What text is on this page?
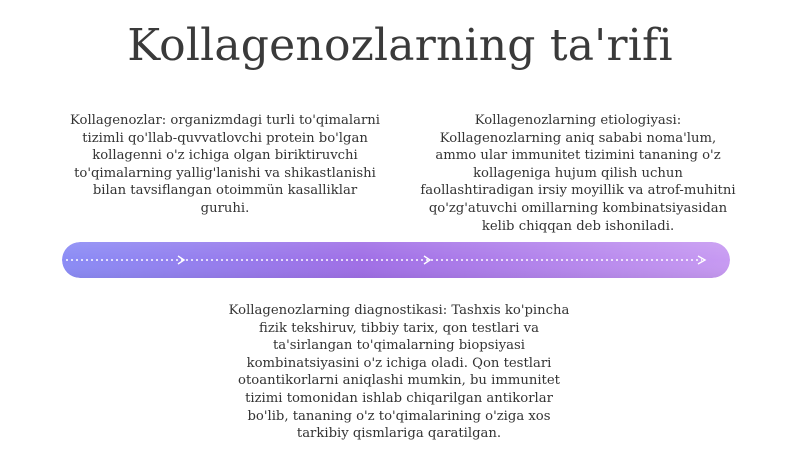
Kollagenozlarning ta'rifi
Kollagenozlar: organizmdagi turli to'qimalarni tizimli qo'llab-quvvatlovchi protein bo'lgan kollagenni o'z ichiga olgan biriktiruvchi to'qimalarning yallig'lanishi va shikastlanishi bilan tavsiflangan otoimmün kasalliklar guruhi.
Kollagenozlarning etiologiyasi: Kollagenozlarning aniq sababi noma'lum, ammo ular immunitet tizimini tananing o'z kollageniga hujum qilish uchun faollashtiradigan irsiy moyillik va atrof-muhitni qo'zg'atuvchi omillarning kombinatsiyasidan kelib chiqqan deb ishoniladi.
Kollagenozlarning diagnostikasi: Tashxis ko'pincha fizik tekshiruv, tibbiy tarix, qon testlari va ta'sirlangan to'qimalarning biopsiyasi kombinatsiyasini o'z ichiga oladi. Qon testlari otoantikorlarni aniqlashi mumkin, bu immunitet tizimi tomonidan ishlab chiqarilgan antikorlar bo'lib, tananing o'z to'qimalarining o'ziga xos tarkibiy qismlariga qaratilgan.
